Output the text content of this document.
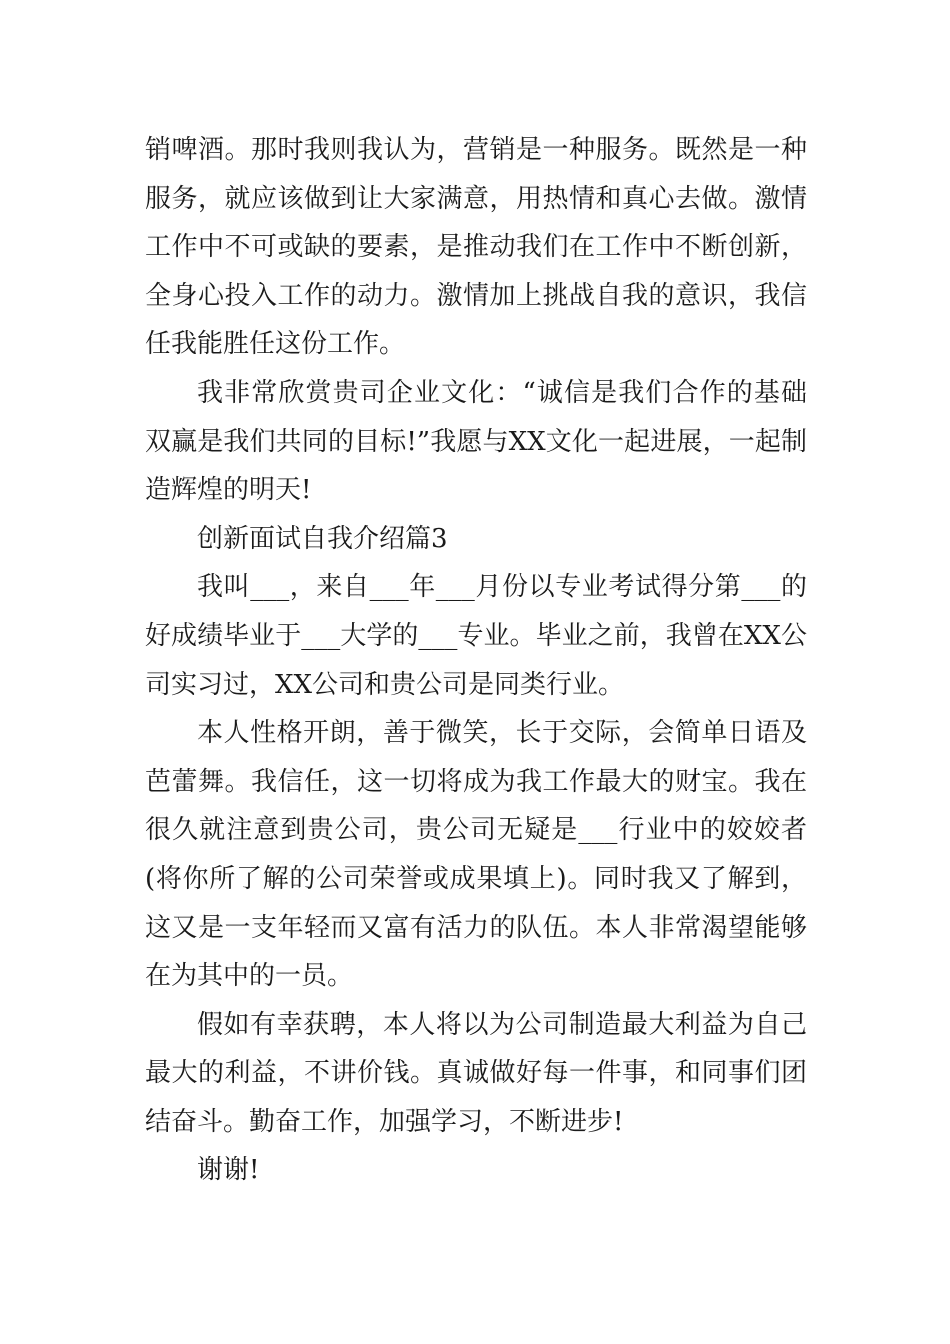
销啤酒。那时我则我认为，营销是一种服务。既然是一种服务，就应该做到让大家满意，用热情和真心去做。激情工作中不可或缺的要素，是推动我们在工作中不断创新，全身心投入工作的动力。激情加上挑战自我的意识，我信任我能胜任这份工作。

我非常欣赏贵司企业文化：“诚信是我们合作的基础双赢是我们共同的目标!”我愿与XX文化一起进展，一起制造辉煌的明天!

创新面试自我介绍篇3

我叫___，来自___年___月份以专业考试得分第___的好成绩毕业于___大学的___专业。毕业之前，我曾在XX公司实习过，XX公司和贵公司是同类行业。

本人性格开朗，善于微笑，长于交际，会简单日语及芭蕾舞。我信任，这一切将成为我工作最大的财宝。我在很久就注意到贵公司，贵公司无疑是___行业中的姣姣者(将你所了解的公司荣誉或成果填上)。同时我又了解到，这又是一支年轻而又富有活力的队伍。本人非常渴望能够在为其中的一员。

假如有幸获聘，本人将以为公司制造最大利益为自己最大的利益，不讲价钱。真诚做好每一件事，和同事们团结奋斗。勤奋工作，加强学习，不断进步!

谢谢!
